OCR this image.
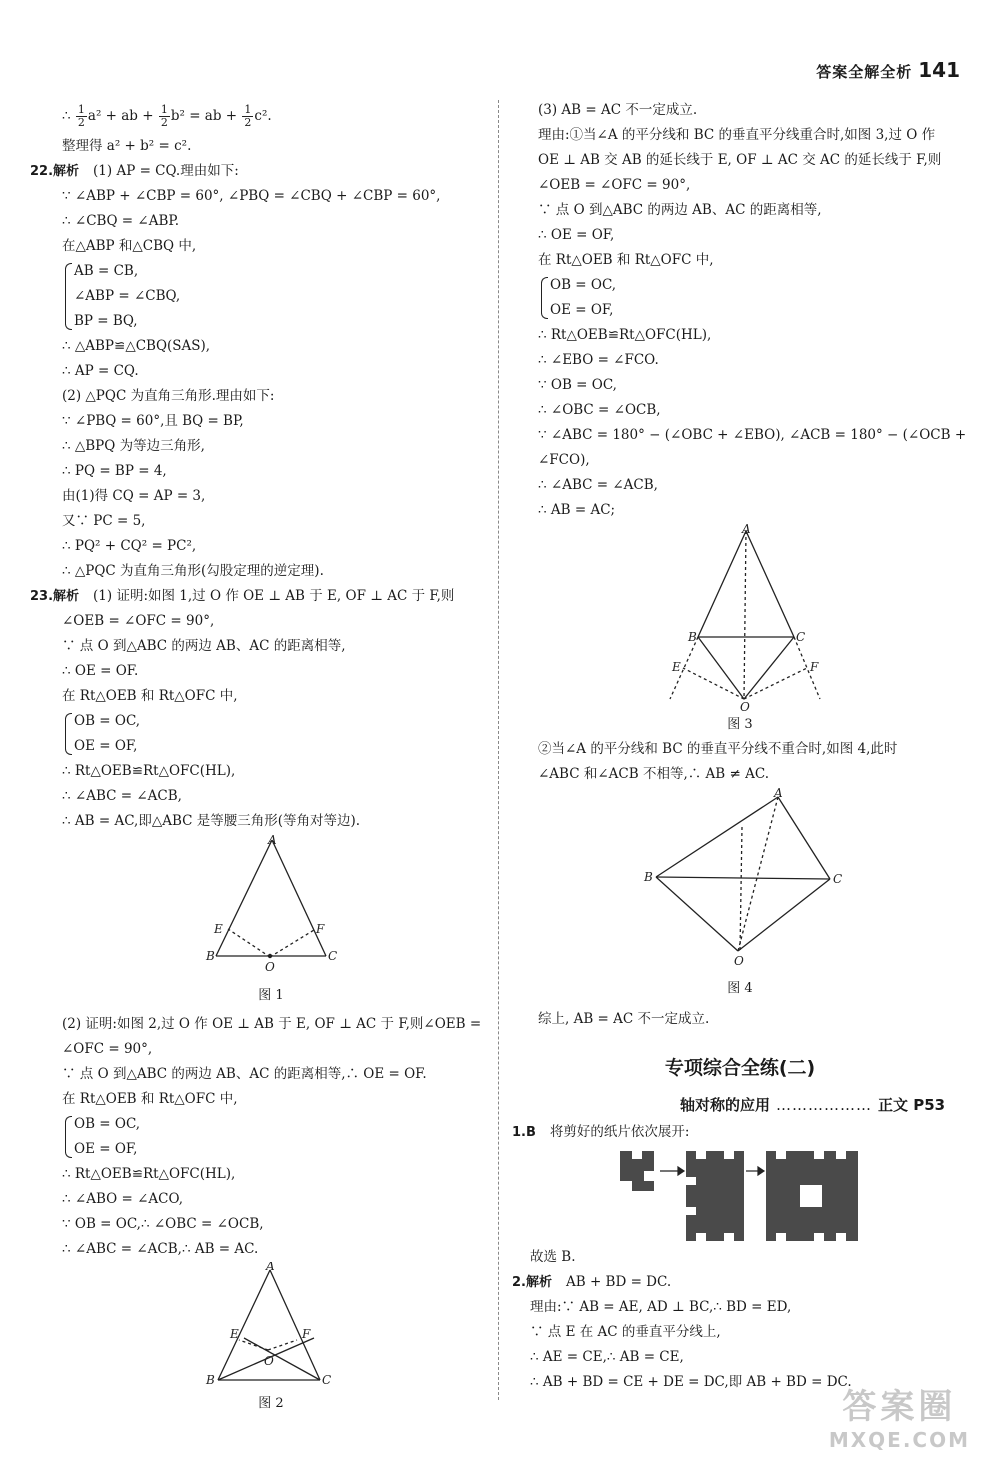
答案全解全析 141
∴ $\frac{1}{2} a^2$ + ab + $\frac{1}{2} b^2$ = ab + $\frac{1}{2} c^2$.
整理得 a² + b² = c².
22.解析 (1) AP = CQ.理由如下:
∵ ∠ABP + ∠CBP = 60°, ∠PBQ = ∠CBQ + ∠CBP = 60°,
∴ ∠CBQ = ∠ABP.
在△ABP 和△CBQ 中,
AB = CB,
∠ABP = ∠CBQ,
BP = BQ,
∴ △ABP≌△CBQ(SAS),
∴ AP = CQ.
(2) △PQC 为直角三角形.理由如下:
∵ ∠PBQ = 60°,且 BQ = BP,
∴ △BPQ 为等边三角形,
∴ PQ = BP = 4,
由(1)得 CQ = AP = 3,
又∵ PC = 5,
∴ PQ² + CQ² = PC²,
∴ △PQC 为直角三角形(勾股定理的逆定理).
23.解析 (1) 证明:如图 1,过 O 作 OE ⊥ AB 于 E, OF ⊥ AC 于 F,则
∠OEB = ∠OFC = 90°,
∵ 点 O 到△ABC 的两边 AB、AC 的距离相等,
∴ OE = OF.
在 Rt△OEB 和 Rt△OFC 中,
OB = OC,
OE = OF,
∴ Rt△OEB≌Rt△OFC(HL),
∴ ∠ABC = ∠ACB,
∴ AB = AC,即△ABC 是等腰三角形(等角对等边).
A
B	C
E	F
O
图 1
(2) 证明:如图 2,过 O 作 OE ⊥ AB 于 E, OF ⊥ AC 于 F,则∠OEB =
∠OFC = 90°,
∵ 点 O 到△ABC 的两边 AB、AC 的距离相等,∴ OE = OF.
在 Rt△OEB 和 Rt△OFC 中,
OB = OC,
OE = OF,
∴ Rt△OEB≌Rt△OFC(HL),
∴ ∠ABO = ∠ACO,
∵ OB = OC,∴ ∠OBC = ∠OCB,
∴ ∠ABC = ∠ACB,∴ AB = AC.
A
B	C
E	F
O
图 2
(3) AB = AC 不一定成立.
理由:①当∠A 的平分线和 BC 的垂直平分线重合时,如图 3,过 O 作
OE ⊥ AB 交 AB 的延长线于 E, OF ⊥ AC 交 AC 的延长线于 F,则
∠OEB = ∠OFC = 90°,
∵ 点 O 到△ABC 的两边 AB、AC 的距离相等,
∴ OE = OF,
在 Rt△OEB 和 Rt△OFC 中,
OB = OC,
OE = OF,
∴ Rt△OEB≌Rt△OFC(HL),
∴ ∠EBO = ∠FCO.
∵ OB = OC,
∴ ∠OBC = ∠OCB,
∵ ∠ABC = 180° − (∠OBC + ∠EBO), ∠ACB = 180° − (∠OCB +
∠FCO),
∴ ∠ABC = ∠ACB,
∴ AB = AC;
A
B	C
E	F
O
图 3
②当∠A 的平分线和 BC 的垂直平分线不重合时,如图 4,此时
∠ABC 和∠ACB 不相等,∴ AB ≠ AC.
A
B	C
O
图 4
综上, AB = AC 不一定成立.
专项综合全练(二)
轴对称的应用 ……………… 正文 P53
1.B 将剪好的纸片依次展开:
故选 B.
2.解析 AB + BD = DC.
理由:∵ AB = AE, AD ⊥ BC,∴ BD = ED,
∵ 点 E 在 AC 的垂直平分线上,
∴ AE = CE,∴ AB = CE,
∴ AB + BD = CE + DE = DC,即 AB + BD = DC.
答案圈
MXQE.COM
